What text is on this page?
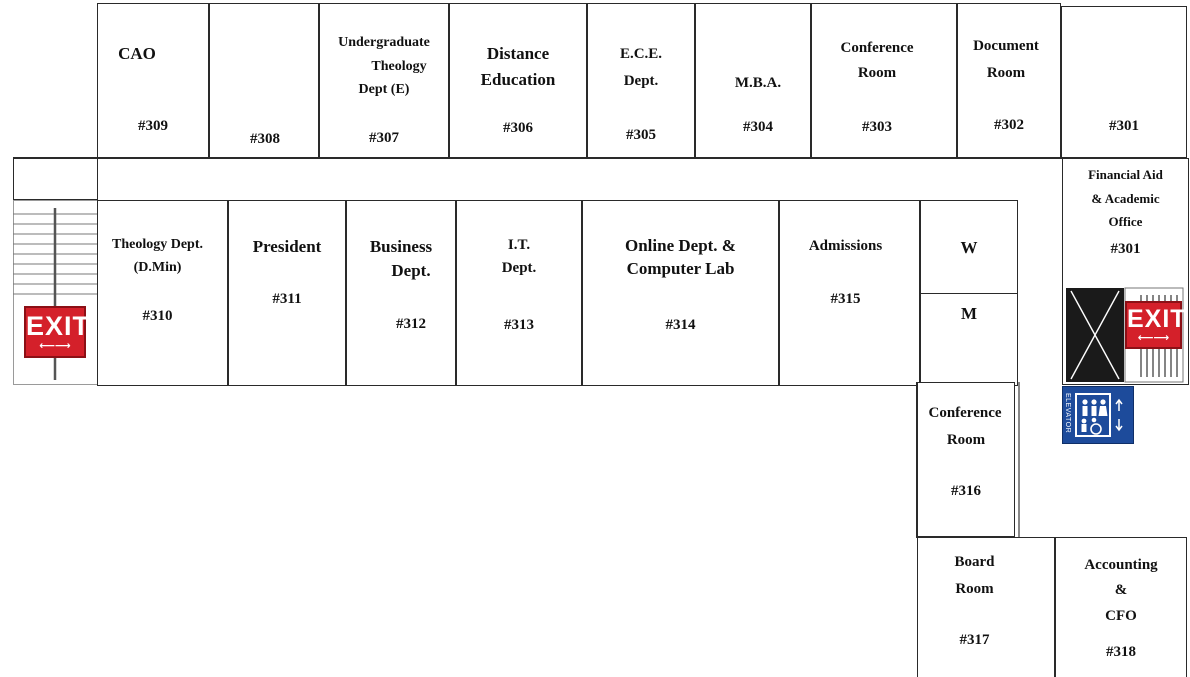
CAO
#309
#308
Undergraduate
Theology
Dept (E)
#307
Distance
Education
#306
E.C.E.
Dept.
#305
M.B.A.
#304
Conference
Room
#303
Document
Room
#302	#301
EXIT
⟵⟶
Theology Dept.
(D.Min)
#310
President
#311
Business
Dept.
#312
I.T.
Dept.
#313
Online Dept. &
Computer Lab
#314
Admissions
#315
W
M
Financial Aid
& Academic
Office
#301
EXIT
⟵⟶
ELEVATOR
Conference
Room
#316
Board
Room
#317
Accounting
&
CFO
#318
